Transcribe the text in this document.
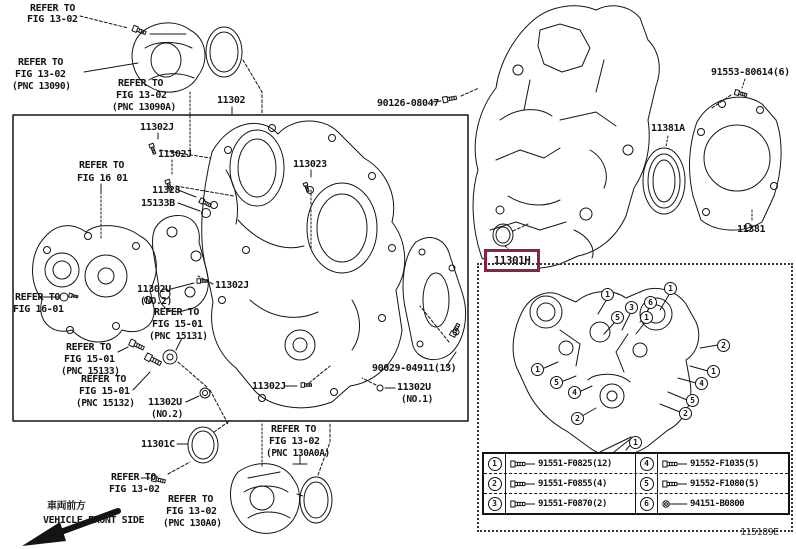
REFER TO
FIG 13-02
REFER TO
FIG 13-02
(PNC 13090)	REFER TO
FIG 13-02
(PNC 13090A)
11302	90126-08047
11302J
11302J
113023
REFER TO
FIG 16 01
11328
15133B
11302U
(NO.2)
11302J
REFER TO
FIG 16-01	REFER TO
FIG 15-01
(PNC 15131)
REFER TO
FIG 15-01
(PNC 15133)
REFER TO
FIG 15-01
(PNC 15132) 11302U
(NO.2)
11301C
11302J
90029-04911(13)
11302U
(NO.1)
REFER TO
FIG 13-02
REFER TO
FIG 13-02
(PNC 130A0)
REFER TO
FIG 13-02
(PNC 130A0A)
91553-80614(6)
11381A
11381
11301H
車両前方
VEHICLE FRONT SIDE
1
5
3
6
1
1
2
1
4
5
2
1
5
4
2
1
1	91551-F0825(12)	4	91552-F1035(5)
2	91551-F0855(4)	5	91552-F1080(5)
3	91551-F0870(2)	6	94151-B0800
115189E
